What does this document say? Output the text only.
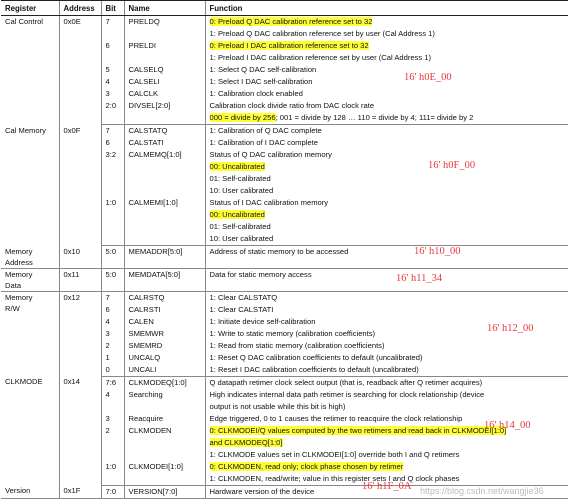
Register	Address	Bit	Name	Function
Cal Control	0x0E	7	PRELDQ	0: Preload Q DAC calibration reference set to 32
				1: Preload Q DAC calibration reference set by user (Cal Address 1)
		6	PRELDI	0: Preload I DAC calibration reference set to 32
				1: Preload I DAC calibration reference set by user (Cal Address 1)
		5	CALSELQ	1: Select Q DAC self-calibration
		4	CALSELI	1: Select I DAC self-calibration
		3	CALCLK	1: Calibration clock enabled
		2:0	DIVSEL[2:0]	Calibration clock divide ratio from DAC clock rate
				000 = divide by 256; 001 = divide by 128 … 110 = divide by 4; 111= divide by 2
Cal Memory	0x0F	7	CALSTATQ	1: Calibration of Q DAC complete
		6	CALSTATI	1: Calibration of I DAC complete
		3:2	CALMEMQ[1:0]	Status of Q DAC calibration memory
				00: Uncalibrated
				01: Self-calibrated
				10: User calibrated
		1:0	CALMEMI[1:0]	Status of I DAC calibration memory
				00: Uncalibrated
				01: Self-calibrated
				10: User calibrated
Memory Address	0x10	5:0	MEMADDR[5:0]	Address of static memory to be accessed
Memory Data	0x11	5:0	MEMDATA[5:0]	Data for static memory access
Memory R/W	0x12	7	CALRSTQ	1: Clear CALSTATQ
		6	CALRSTI	1: Clear CALSTATI
		4	CALEN	1: Initiate device self-calibration
		3	SMEMWR	1: Write to static memory (calibration coefficients)
		2	SMEMRD	1: Read from static memory (calibration coefficients)
		1	UNCALQ	1: Reset Q DAC calibration coefficients to default (uncalibrated)
		0	UNCALI	1: Reset I DAC calibration coefficients to default (uncalibrated)
CLKMODE	0x14	7:6	CLKMODEQ[1:0]	Q datapath retimer clock select output (that is, readback after Q retimer acquires)
		4	Searching	High indicates internal data path retimer is searching for clock relationship (device
				output is not usable while this bit is high)
		3	Reacquire	Edge triggered, 0 to 1 causes the retimer to reacquire the clock relationship
		2	CLKMODEN	0: CLKMODEI/Q values computed by the two retimers and read back in CLKMODEI[1:0]
				and CLKMODEQ[1:0]
				1: CLKMODE values set in CLKMODEI[1:0] override both I and Q retimers
		1:0	CLKMODEI[1:0]	0: CLKMODEN, read only; clock phase chosen by retimer
				1: CLKMODEN, read/write; value in this register sets I and Q clock phases
Version	0x1F	7:0	VERSION[7:0]	Hardware version of the device
16' h0E_00
16' h0F_00
16' h10_00
16' h11_34
16' h12_00
16' h14_00
16' h1F_0A https://blog.csdn.net/wangjie36
